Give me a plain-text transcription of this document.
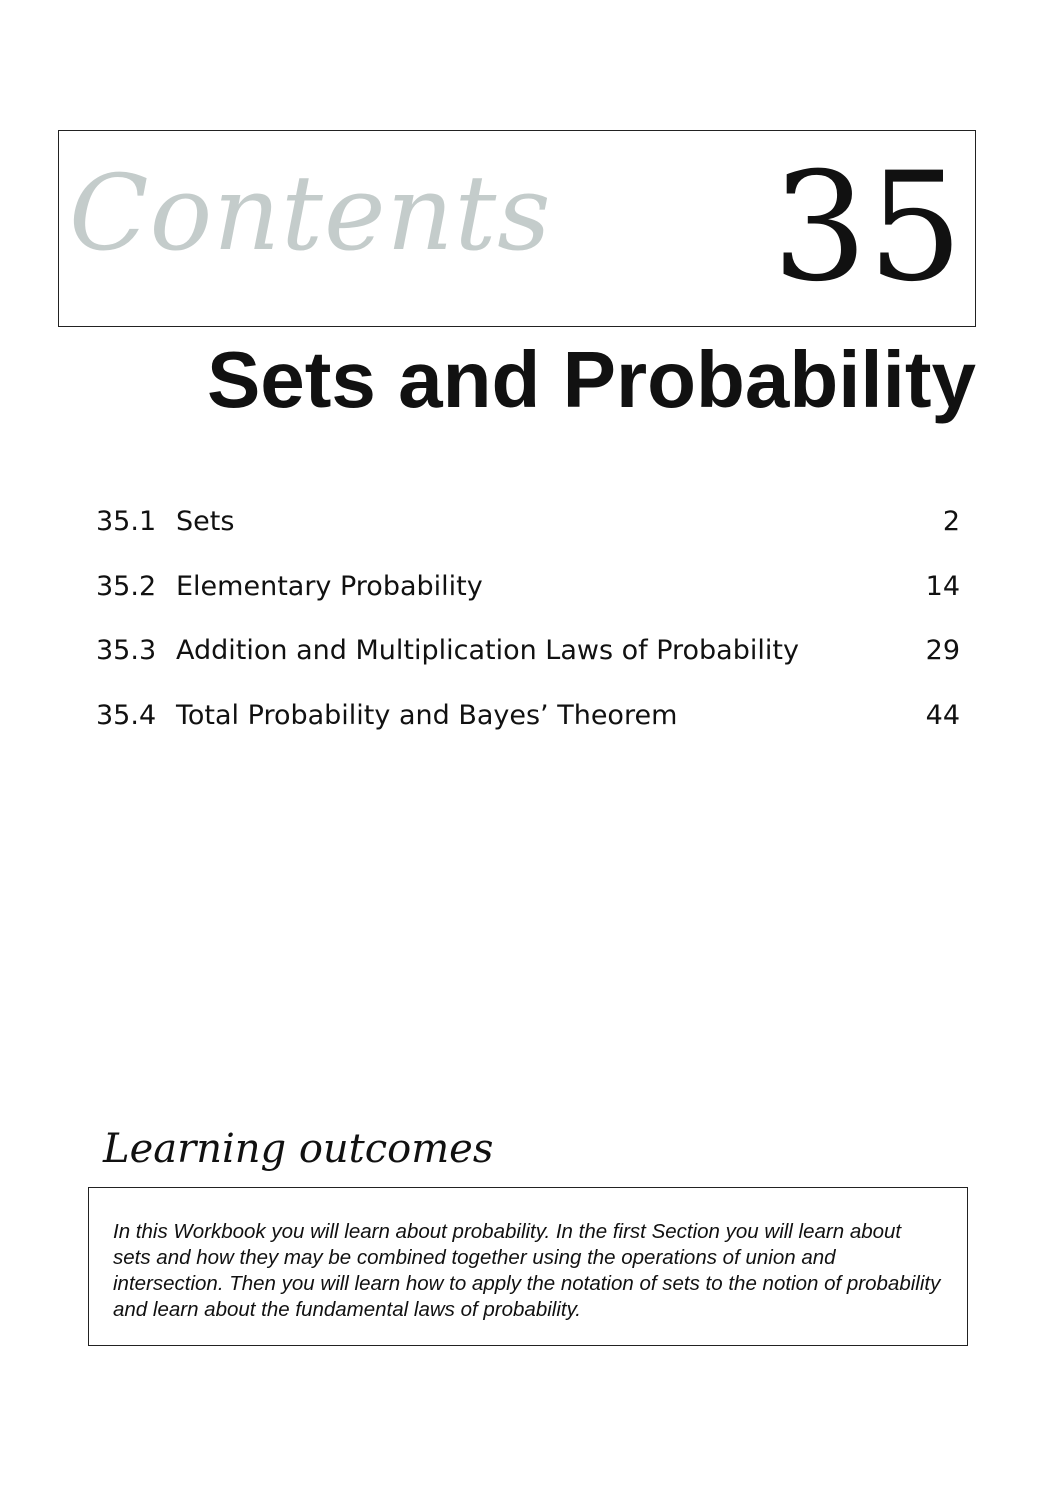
Contents 35
Sets and Probability
35.1 Sets	2
35.2 Elementary Probability	14
35.3 Addition and Multiplication Laws of Probability	29
35.4 Total Probability and Bayes’ Theorem	44
Learning outcomes

In this Workbook you will learn about probability. In the first Section you will learn about sets and how they may be combined together using the operations of union and intersection. Then you will learn how to apply the notation of sets to the notion of probability and learn about the fundamental laws of probability.
